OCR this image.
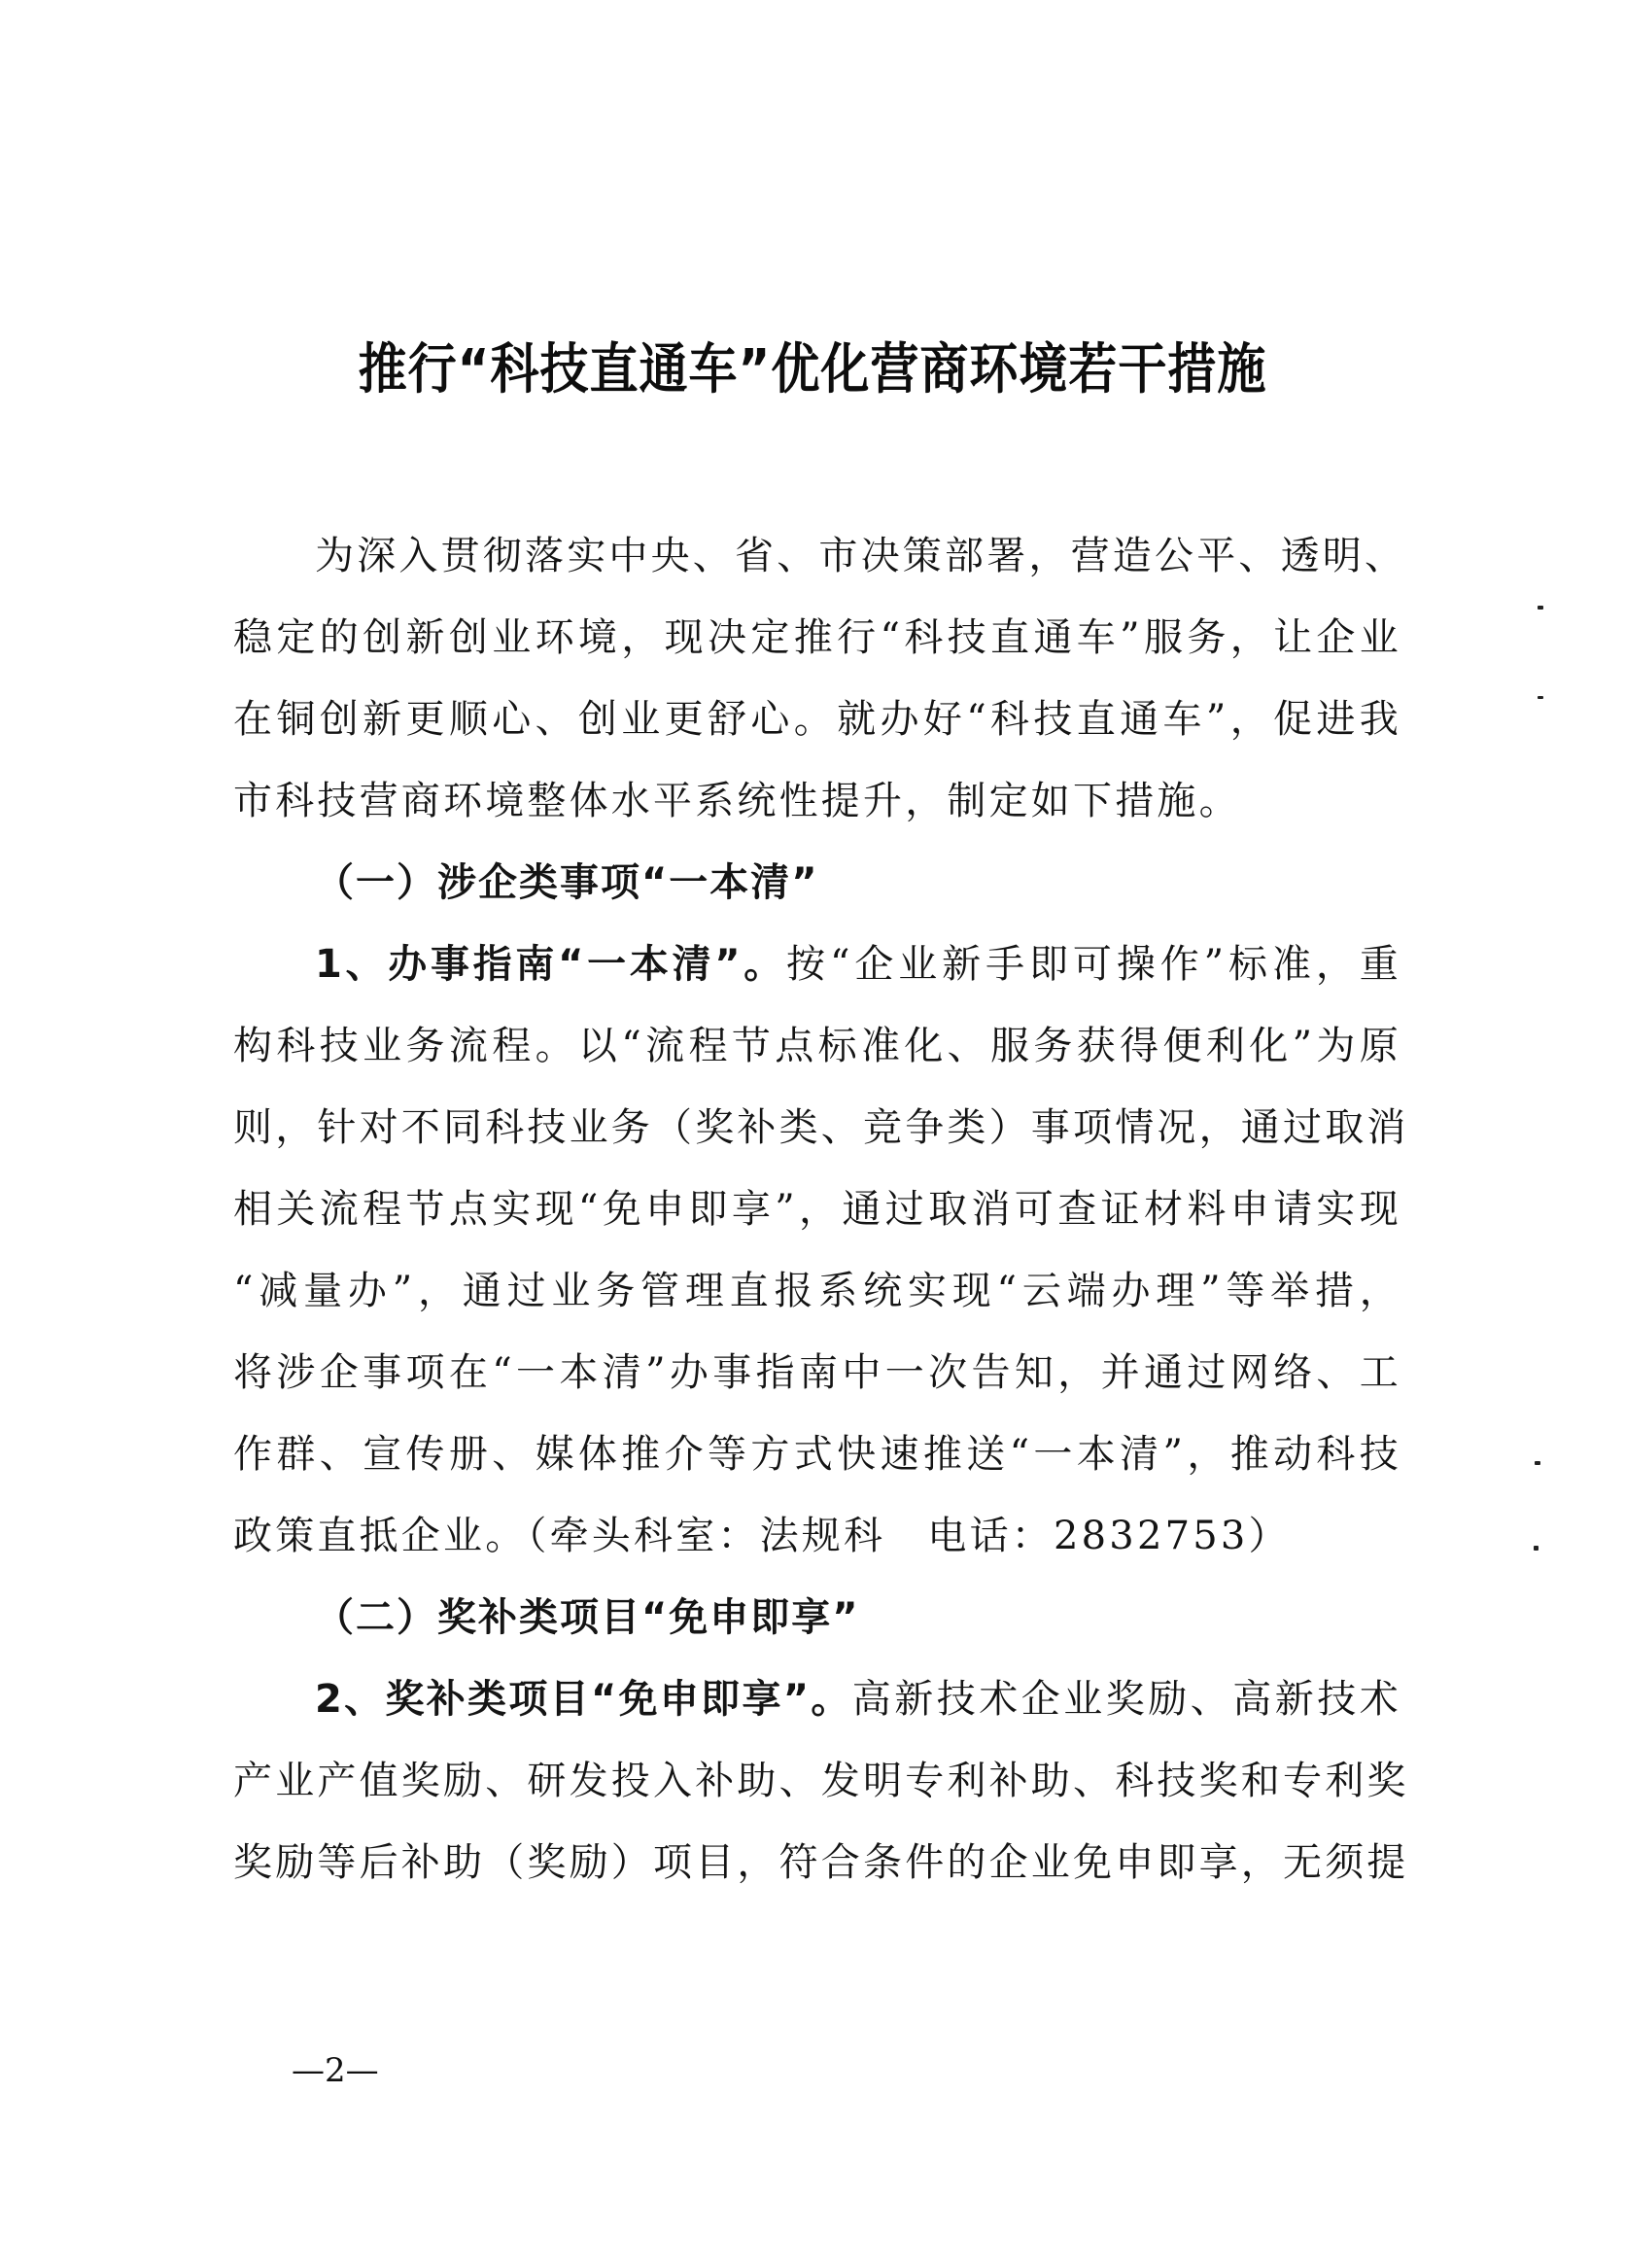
推行“科技直通车”优化营商环境若干措施
为深入贯彻落实中央、省、市决策部署，营造公平、透明、
稳定的创新创业环境，现决定推行“科技直通车”服务，让企业
在铜创新更顺心、创业更舒心。就办好“科技直通车”，促进我
市科技营商环境整体水平系统性提升，制定如下措施。
（一）涉企类事项“一本清”
1、办事指南“一本清”。按“企业新手即可操作”标准，重
构科技业务流程。以“流程节点标准化、服务获得便利化”为原
则，针对不同科技业务（奖补类、竞争类）事项情况，通过取消
相关流程节点实现“免申即享”，通过取消可查证材料申请实现
“减量办”，通过业务管理直报系统实现“云端办理”等举措，
将涉企事项在“一本清”办事指南中一次告知，并通过网络、工
作群、宣传册、媒体推介等方式快速推送“一本清”，推动科技
政策直抵企业。（牵头科室：法规科　电话：2832753）
（二）奖补类项目“免申即享”
2、奖补类项目“免申即享”。高新技术企业奖励、高新技术
产业产值奖励、研发投入补助、发明专利补助、科技奖和专利奖
奖励等后补助（奖励）项目，符合条件的企业免申即享，无须提
—2—
